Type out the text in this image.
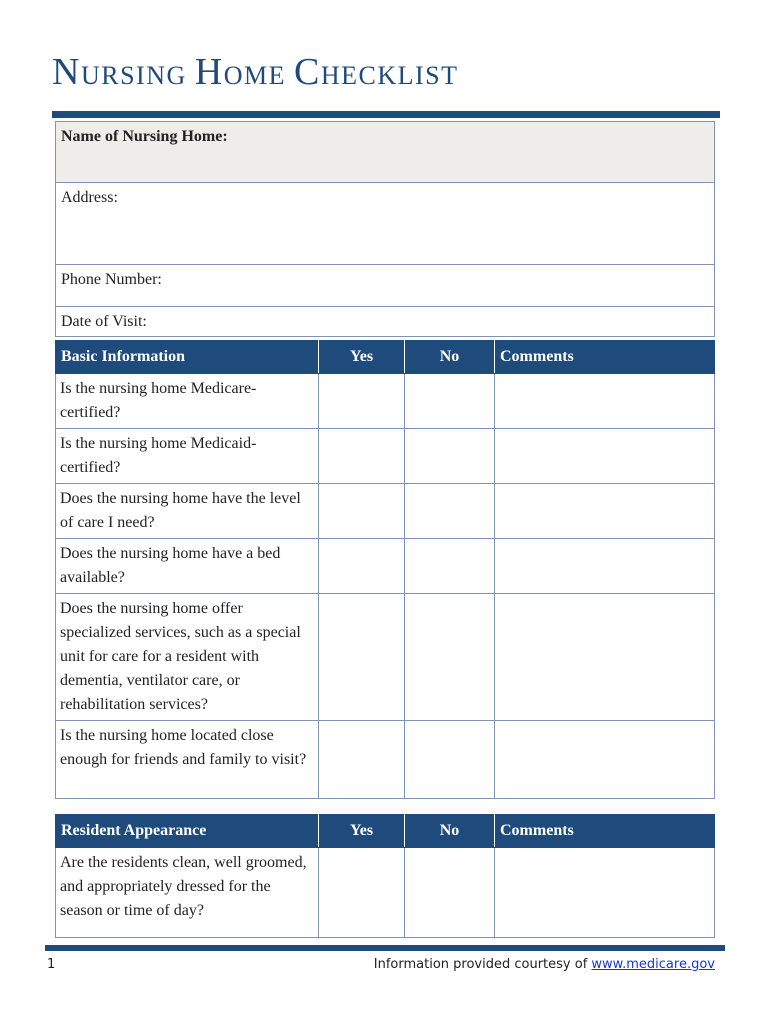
NURSING HOME CHECKLIST
Name of Nursing Home:
Address:
Phone Number:
Date of Visit:
Basic Information	Yes	No	Comments

Is the nursing home Medicare-certified?			

Is the nursing home Medicaid-certified?			

Does the nursing home have the level of care I need?			

Does the nursing home have a bed available?			

Does the nursing home offer specialized services, such as a special unit for care for a resident with dementia, ventilator care, or rehabilitation services?			

Is the nursing home located close enough for friends and family to visit?			

Resident Appearance	Yes	No	Comments

Are the residents clean, well groomed, and appropriately dressed for the season or time of day?			

1	Information provided courtesy of www.medicare.gov
